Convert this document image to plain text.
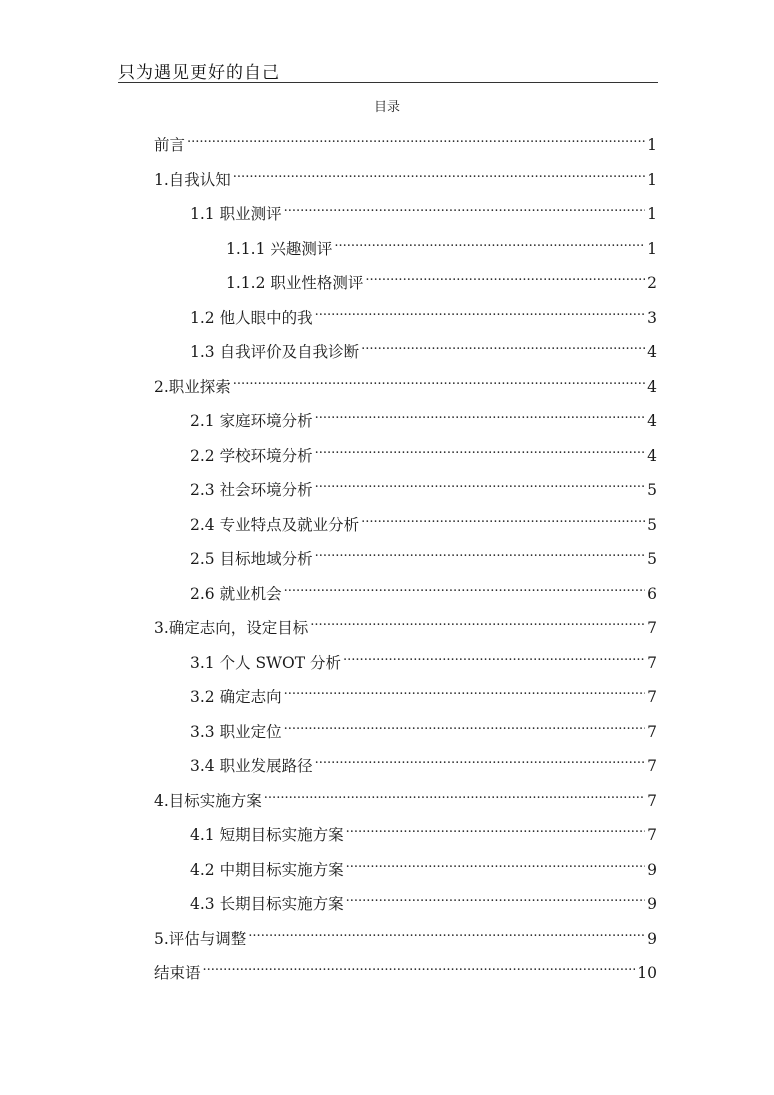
只为遇见更好的自己
目录
前言 .....	1
1.自我认知 .....	1
1.1 职业测评 .....	1
1.1.1 兴趣测评 .....	1
1.1.2 职业性格测评 .....	2
1.2 他人眼中的我 .....	3
1.3 自我评价及自我诊断 .....	4
2.职业探索 .....	4
2.1 家庭环境分析 .....	4
2.2 学校环境分析 .....	4
2.3 社会环境分析 .....	5
2.4 专业特点及就业分析 .....	5
2.5 目标地域分析 .....	5
2.6 就业机会 .....	6
3.确定志向，设定目标 .....	7
3.1 个人 SWOT 分析 .....	7
3.2 确定志向 .....	7
3.3 职业定位 .....	7
3.4 职业发展路径 .....	7
4.目标实施方案 .....	7
4.1 短期目标实施方案 .....	7
4.2 中期目标实施方案 .....	9
4.3 长期目标实施方案 .....	9
5.评估与调整 .....	9
结束语 .....	10
